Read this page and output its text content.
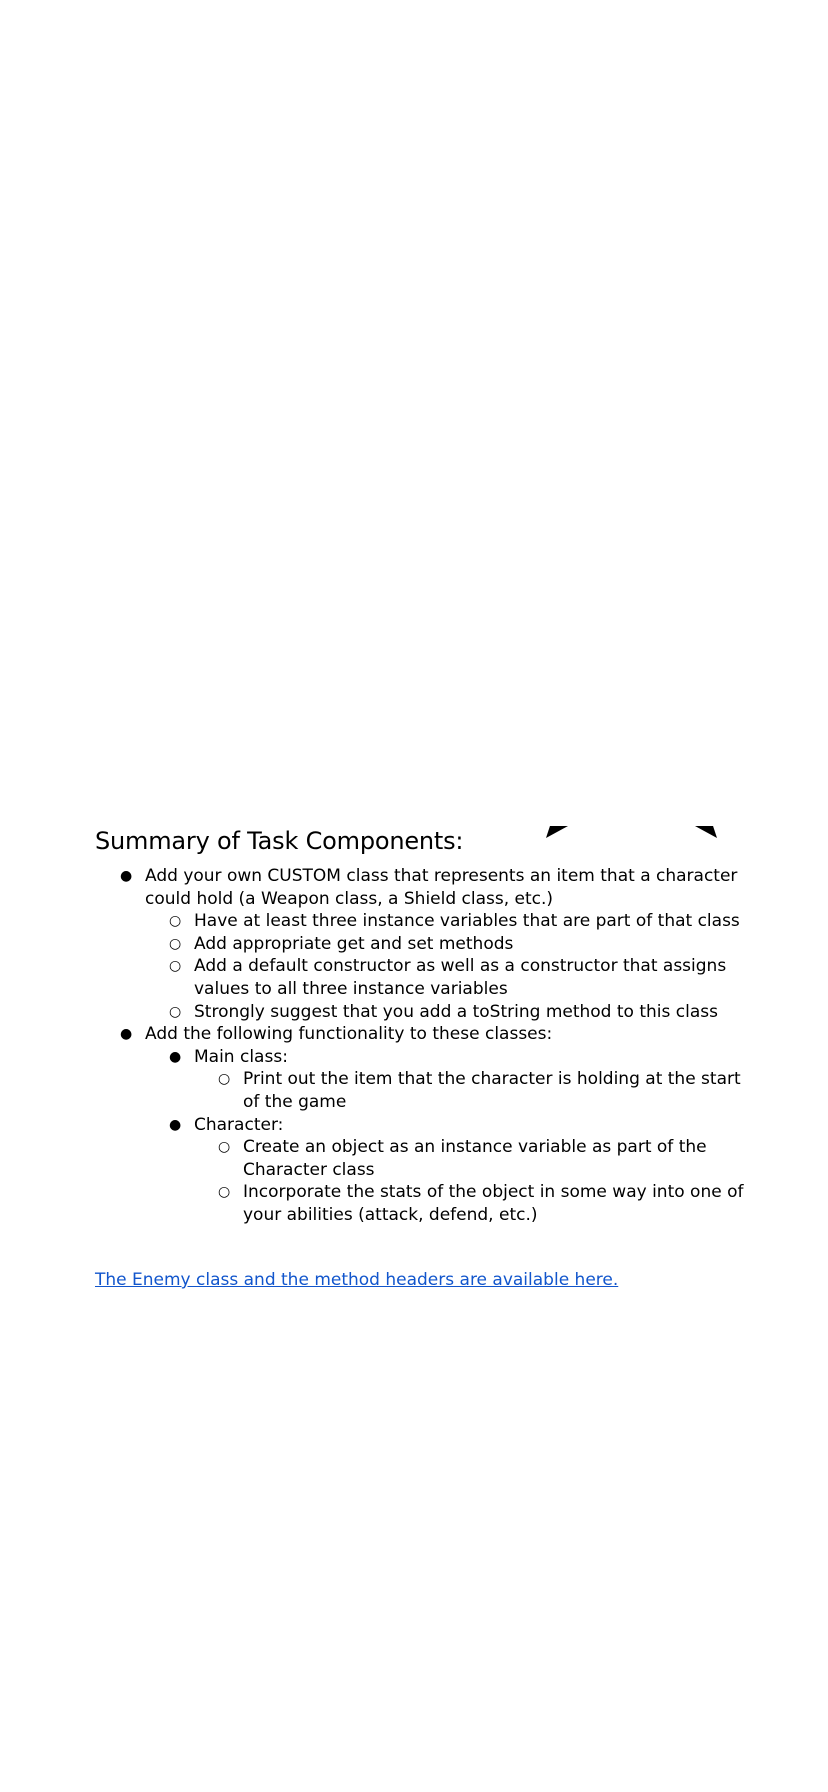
Summary of Task Components:
● Add your own CUSTOM class that represents an item that a character could hold (a Weapon class, a Shield class, etc.)
○ Have at least three instance variables that are part of that class
○ Add appropriate get and set methods
○ Add a default constructor as well as a constructor that assigns values to all three instance variables
○ Strongly suggest that you add a toString method to this class
● Add the following functionality to these classes:
● Main class:
○ Print out the item that the character is holding at the start of the game
● Character:
○ Create an object as an instance variable as part of the Character class
○ Incorporate the stats of the object in some way into one of your abilities (attack, defend, etc.)
The Enemy class and the method headers are available here.
